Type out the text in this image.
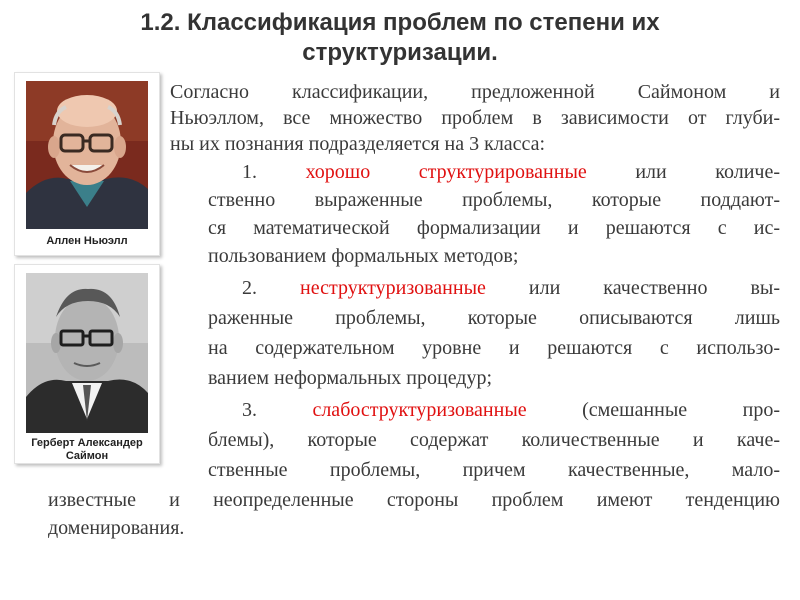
1.2. Классификация проблем по степени их
структуризации.
Аллен Ньюэлл
Герберт Александер
Саймон
Согласно классификации, предложенной Саймоном и
Ньюэллом, все множество проблем в зависимости от глуби-
ны их познания подразделяется на 3 класса:
1. хорошо структурированные или количе-
ственно выраженные проблемы, которые поддают-
ся математической формализации и решаются с ис-
пользованием формальных методов;
2. неструктуризованные или качественно вы-
раженные проблемы, которые описываются лишь
на содержательном уровне и решаются с использо-
ванием неформальных процедур;
3.	слабоструктуризованные	(смешанные про-
блемы), которые содержат количественные и каче-
ственные проблемы, причем качественные, мало-
известные и неопределенные стороны проблем имеют тенденцию
доменирования.
